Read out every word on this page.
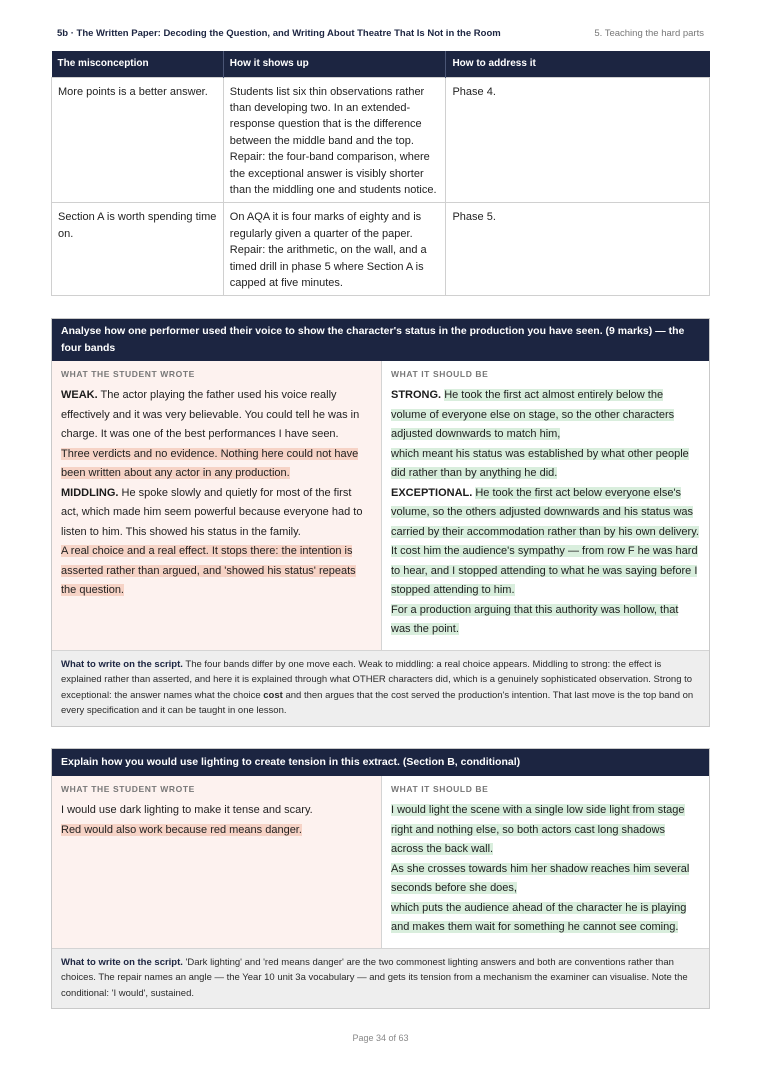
5b · The Written Paper: Decoding the Question, and Writing About Theatre That Is Not in the Room	5. Teaching the hard parts
The misconception	How it shows up	How to address it
More points is a better answer.	Students list six thin observations rather than developing two. In an extended-response question that is the difference between the middle band and the top. Repair: the four-band comparison, where the exceptional answer is visibly shorter than the middling one and students notice.	Phase 4.
Section A is worth spending time on.	On AQA it is four marks of eighty and is regularly given a quarter of the paper. Repair: the arithmetic, on the wall, and a timed drill in phase 5 where Section A is capped at five minutes.	Phase 5.
Analyse how one performer used their voice to show the character's status in the production you have seen. (9 marks) — the four bands
WHAT THE STUDENT WROTE
WEAK. The actor playing the father used his voice really effectively and it was very believable. You could tell he was in charge. It was one of the best performances I have seen.
Three verdicts and no evidence. Nothing here could not have been written about any actor in any production.
MIDDLING. He spoke slowly and quietly for most of the first act, which made him seem powerful because everyone had to listen to him. This showed his status in the family.
A real choice and a real effect. It stops there: the intention is asserted rather than argued, and 'showed his status' repeats the question.
WHAT IT SHOULD BE
STRONG. He took the first act almost entirely below the volume of everyone else on stage, so the other characters adjusted downwards to match him,
which meant his status was established by what other people did rather than by anything he did.
EXCEPTIONAL. He took the first act below everyone else's volume, so the others adjusted downwards and his status was carried by their accommodation rather than by his own delivery.
It cost him the audience's sympathy — from row F he was hard to hear, and I stopped attending to what he was saying before I stopped attending to him.
For a production arguing that this authority was hollow, that was the point.
What to write on the script. The four bands differ by one move each. Weak to middling: a real choice appears. Middling to strong: the effect is explained rather than asserted, and here it is explained through what OTHER characters did, which is a genuinely sophisticated observation. Strong to exceptional: the answer names what the choice cost and then argues that the cost served the production's intention. That last move is the top band on every specification and it can be taught in one lesson.
Explain how you would use lighting to create tension in this extract. (Section B, conditional)
WHAT THE STUDENT WROTE
I would use dark lighting to make it tense and scary.
Red would also work because red means danger.
WHAT IT SHOULD BE
I would light the scene with a single low side light from stage right and nothing else, so both actors cast long shadows across the back wall.
As she crosses towards him her shadow reaches him several seconds before she does,
which puts the audience ahead of the character he is playing and makes them wait for something he cannot see coming.
What to write on the script. 'Dark lighting' and 'red means danger' are the two commonest lighting answers and both are conventions rather than choices. The repair names an angle — the Year 10 unit 3a vocabulary — and gets its tension from a mechanism the examiner can visualise. Note the conditional: 'I would', sustained.
Page 34 of 63
